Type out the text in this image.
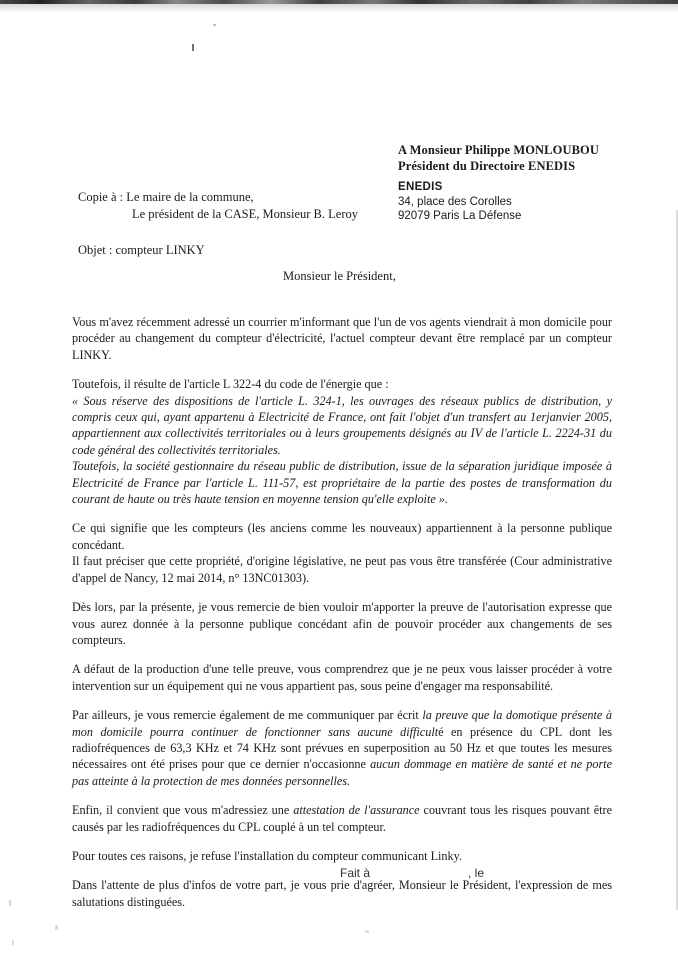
A Monsieur Philippe MONLOUBOU
Président du Directoire ENEDIS
ENEDIS
34, place des Corolles
92079 Paris La Défense
Copie à : Le maire de la commune,
Le président de la CASE, Monsieur B. Leroy
Objet : compteur LINKY
Monsieur le Président,

Vous m'avez récemment adressé un courrier m'informant que l'un de vos agents viendrait à mon domicile pour procéder au changement du compteur d'électricité, l'actuel compteur devant être remplacé par un compteur LINKY.

Toutefois, il résulte de l'article L 322-4 du code de l'énergie que :

« Sous réserve des dispositions de l'article L. 324-1, les ouvrages des réseaux publics de distribution, y compris ceux qui, ayant appartenu à Electricité de France, ont fait l'objet d'un transfert au 1erjanvier 2005, appartiennent aux collectivités territoriales ou à leurs groupements désignés au IV de l'article L. 2224-31 du code général des collectivités territoriales.

Toutefois, la société gestionnaire du réseau public de distribution, issue de la séparation juridique imposée à Electricité de France par l'article L. 111-57, est propriétaire de la partie des postes de transformation du courant de haute ou très haute tension en moyenne tension qu'elle exploite ».

Ce qui signifie que les compteurs (les anciens comme les nouveaux) appartiennent à la personne publique concédant.

Il faut préciser que cette propriété, d'origine législative, ne peut pas vous être transférée (Cour administrative d'appel de Nancy, 12 mai 2014, n° 13NC01303).

Dès lors, par la présente, je vous remercie de bien vouloir m'apporter la preuve de l'autorisation expresse que vous aurez donnée à la personne publique concédant afin de pouvoir procéder aux changements de ses compteurs.

A défaut de la production d'une telle preuve, vous comprendrez que je ne peux vous laisser procéder à votre intervention sur un équipement qui ne vous appartient pas, sous peine d'engager ma responsabilité.

Par ailleurs, je vous remercie également de me communiquer par écrit la preuve que la domotique présente à mon domicile pourra continuer de fonctionner sans aucune difficulté en présence du CPL dont les radiofréquences de 63,3 KHz et 74 KHz sont prévues en superposition au 50 Hz et que toutes les mesures nécessaires ont été prises pour que ce dernier n'occasionne aucun dommage en matière de santé et ne porte pas atteinte à la protection de mes données personnelles.

Enfin, il convient que vous m'adressiez une attestation de l'assurance couvrant tous les risques pouvant être causés par les radiofréquences du CPL couplé à un tel compteur.

Pour toutes ces raisons, je refuse l'installation du compteur communicant Linky.

Dans l'attente de plus d'infos de votre part, je vous prie d'agréer, Monsieur le Président, l'expression de mes salutations distinguées.

Fait à	, le
